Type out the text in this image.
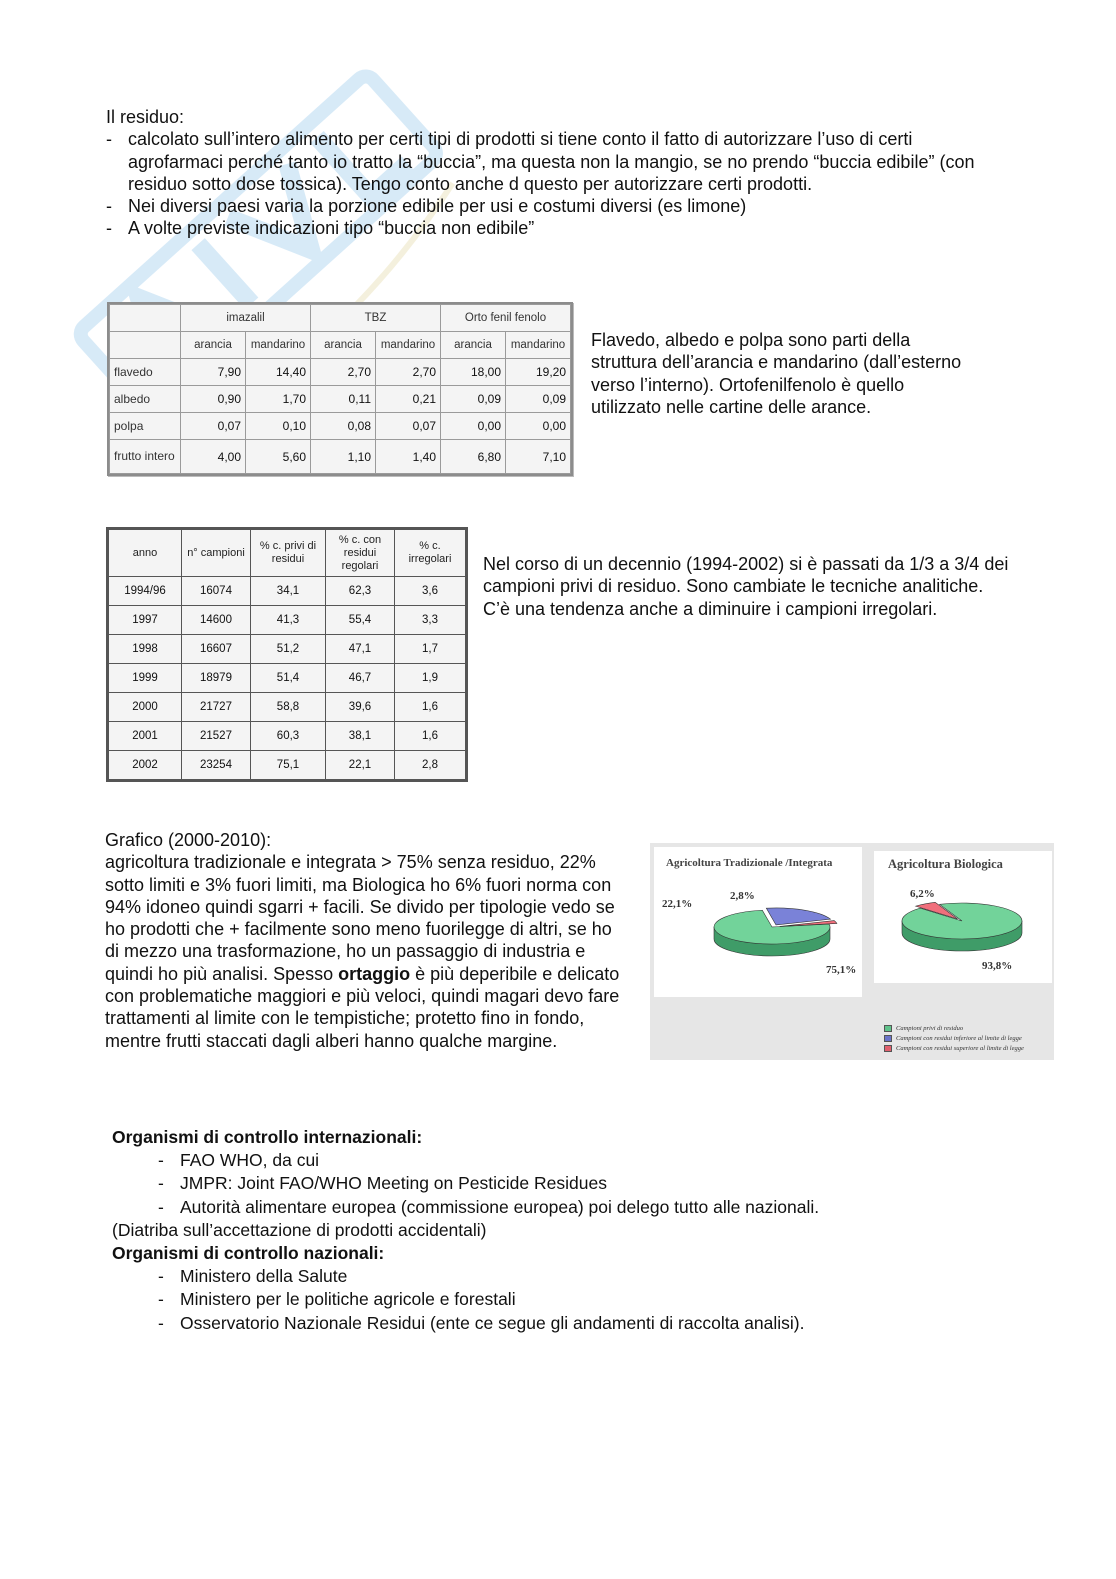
Il residuo:
- calcolato sull’intero alimento per certi tipi di prodotti si tiene conto il fatto di autorizzare l’uso di certi agrofarmaci perché tanto io tratto la “buccia”, ma questa non la mangio, se no prendo “buccia edibile” (con residuo sotto dose tossica). Tengo conto anche d questo per autorizzare certi prodotti.
- Nei diversi paesi varia la porzione edibile per usi e costumi diversi (es limone)
- A volte previste indicazioni tipo “buccia non edibile”
	imazalil		TBZ		Orto fenil fenolo	
	arancia	mandarino	arancia	mandarino	arancia	mandarino
flavedo	7,90	14,40	2,70	2,70	18,00	19,20
albedo	0,90	1,70	0,11	0,21	0,09	0,09
polpa	0,07	0,10	0,08	0,07	0,00	0,00
frutto intero	4,00	5,60	1,10	1,40	6,80	7,10
Flavedo, albedo e polpa sono parti della struttura dell’arancia e mandarino (dall’esterno verso l’interno). Ortofenilfenolo è quello utilizzato nelle cartine delle arance.
anno	n° campioni	% c. privi di residui	% c. con residui regolari	% c. irregolari
1994/96	16074	34,1	62,3	3,6
1997	14600	41,3	55,4	3,3
1998	16607	51,2	47,1	1,7
1999	18979	51,4	46,7	1,9
2000	21727	58,8	39,6	1,6
2001	21527	60,3	38,1	1,6
2002	23254	75,1	22,1	2,8
Nel corso di un decennio (1994-2002) si è passati da 1/3 a 3/4 dei campioni privi di residuo. Sono cambiate le tecniche analitiche. C’è una tendenza anche a diminuire i campioni irregolari.
Grafico (2000-2010):
agricoltura tradizionale e integrata > 75% senza residuo, 22% sotto limiti e 3% fuori limiti, ma Biologica ho 6% fuori norma con 94% idoneo quindi sgarri + facili. Se divido per tipologie vedo se ho prodotti che + facilmente sono meno fuorilegge di altri, se ho di mezzo una trasformazione, ho un passaggio di industria e quindi ho più analisi. Spesso ortaggio è più deperibile e delicato con problematiche maggiori e più veloci, quindi magari devo fare trattamenti al limite con le tempistiche; protetto fino in fondo, mentre frutti staccati dagli alberi hanno qualche margine.
Agricoltura Tradizionale /Integrata
75,1%
22,1%
2,8%
Agricoltura Biologica
93,8%
6,2%
Campioni privi di residuo
Campioni con residui inferiore al limite di legge
Campioni con residui superiore al limite di legge
Organismi di controllo internazionali:
- FAO WHO, da cui
- JMPR: Joint FAO/WHO Meeting on Pesticide Residues
- Autorità alimentare europea (commissione europea) poi delego tutto alle nazionali.
(Diatriba sull’accettazione di prodotti accidentali)
Organismi di controllo nazionali:
- Ministero della Salute
- Ministero per le politiche agricole e forestali
- Osservatorio Nazionale Residui (ente ce segue gli andamenti di raccolta analisi).
